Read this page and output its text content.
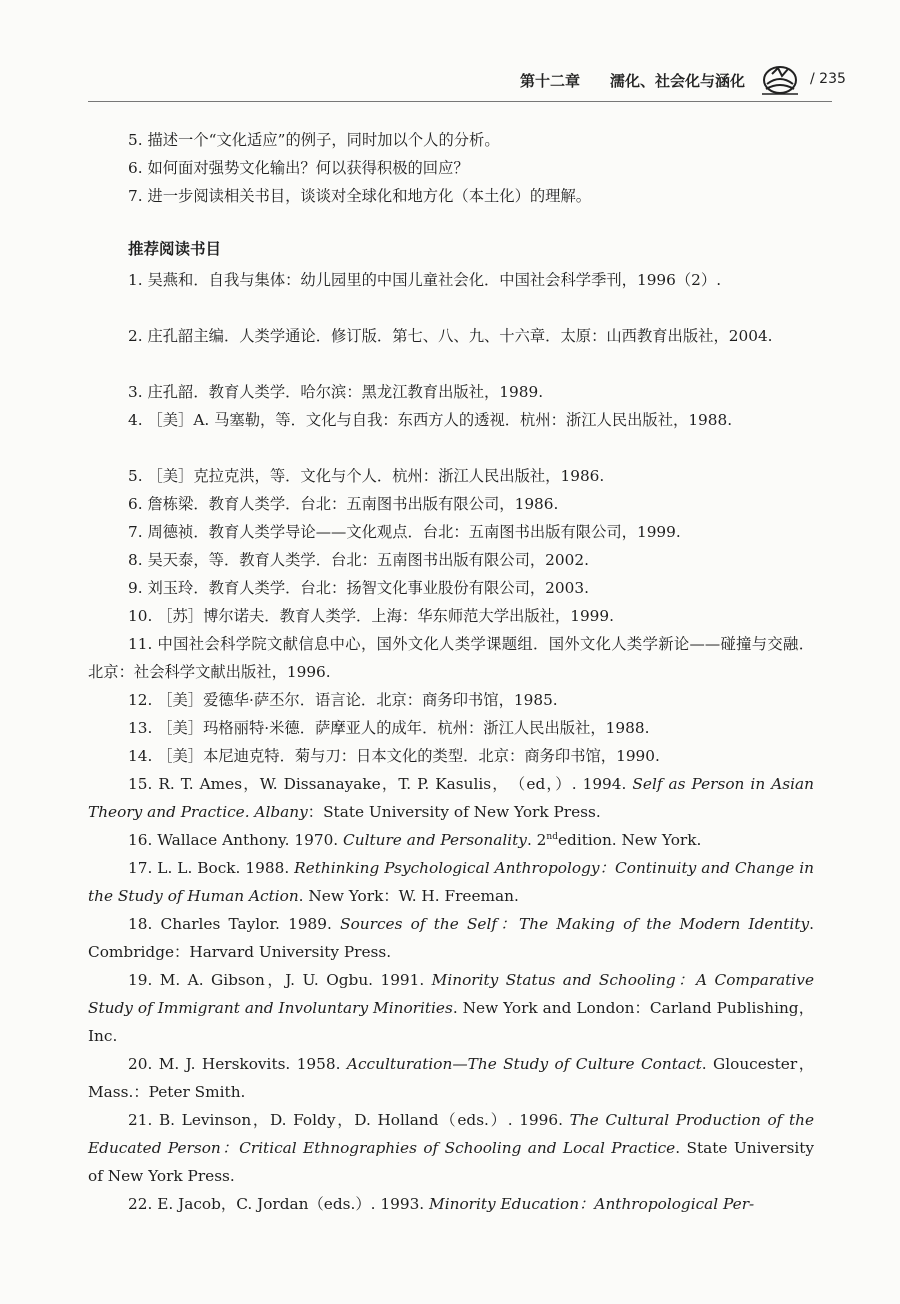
第十二章 濡化、社会化与涵化	/ 235

5. 描述一个“文化适应”的例子，同时加以个人的分析。

6. 如何面对强势文化输出？何以获得积极的回应？

7. 进一步阅读相关书目，谈谈对全球化和地方化（本土化）的理解。

推荐阅读书目

1. 吴燕和．自我与集体：幼儿园里的中国儿童社会化．中国社会科学季刊，1996（2）.

2. 庄孔韶主编．人类学通论．修订版．第七、八、九、十六章．太原：山西教育出版社，2004.

3. 庄孔韶．教育人类学．哈尔滨：黑龙江教育出版社，1989.

4. ［美］A. 马塞勒，等．文化与自我：东西方人的透视．杭州：浙江人民出版社，1988.

5. ［美］克拉克洪，等．文化与个人．杭州：浙江人民出版社，1986.

6. 詹栋梁．教育人类学．台北：五南图书出版有限公司，1986.

7. 周德祯．教育人类学导论——文化观点．台北：五南图书出版有限公司，1999.

8. 吴天泰，等．教育人类学．台北：五南图书出版有限公司，2002.

9. 刘玉玲．教育人类学．台北：扬智文化事业股份有限公司，2003.

10. ［苏］博尔诺夫．教育人类学．上海：华东师范大学出版社，1999.

11. 中国社会科学院文献信息中心，国外文化人类学课题组．国外文化人类学新论——碰撞与交融．北京：社会科学文献出版社，1996.

12. ［美］爱德华·萨丕尔．语言论．北京：商务印书馆，1985.

13. ［美］玛格丽特·米德．萨摩亚人的成年．杭州：浙江人民出版社，1988.

14. ［美］本尼迪克特．菊与刀：日本文化的类型．北京：商务印书馆，1990.

15. R. T. Ames，W. Dissanayake，T. P. Kasulis，　（ed，）. 1994. Self as Person in Asian Theory and Practice. Albany：State University of New York Press.

16. Wallace Anthony. 1970. Culture and Personality. 2ndedition. New York.

17. L. L. Bock. 1988. Rethinking Psychological Anthropology：Continuity and Change in the Study of Human Action. New York：W. H. Freeman.

18. Charles Taylor. 1989. Sources of the Self：The Making of the Modern Identity. Combridge：Harvard University Press.

19. M. A. Gibson，J. U. Ogbu. 1991. Minority Status and Schooling：A Comparative Study of Immigrant and Involuntary Minorities. New York and London：Carland Publishing，Inc.

20. M. J. Herskovits. 1958. Acculturation—The Study of Culture Contact. Gloucester，Mass.：Peter Smith.

21. B. Levinson，D. Foldy，D. Holland（eds.）. 1996. The Cultural Production of the Educated Person：Critical Ethnographies of Schooling and Local Practice. State University of New York Press.

22. E. Jacob，C. Jordan（eds.）. 1993. Minority Education：Anthropological Per-
